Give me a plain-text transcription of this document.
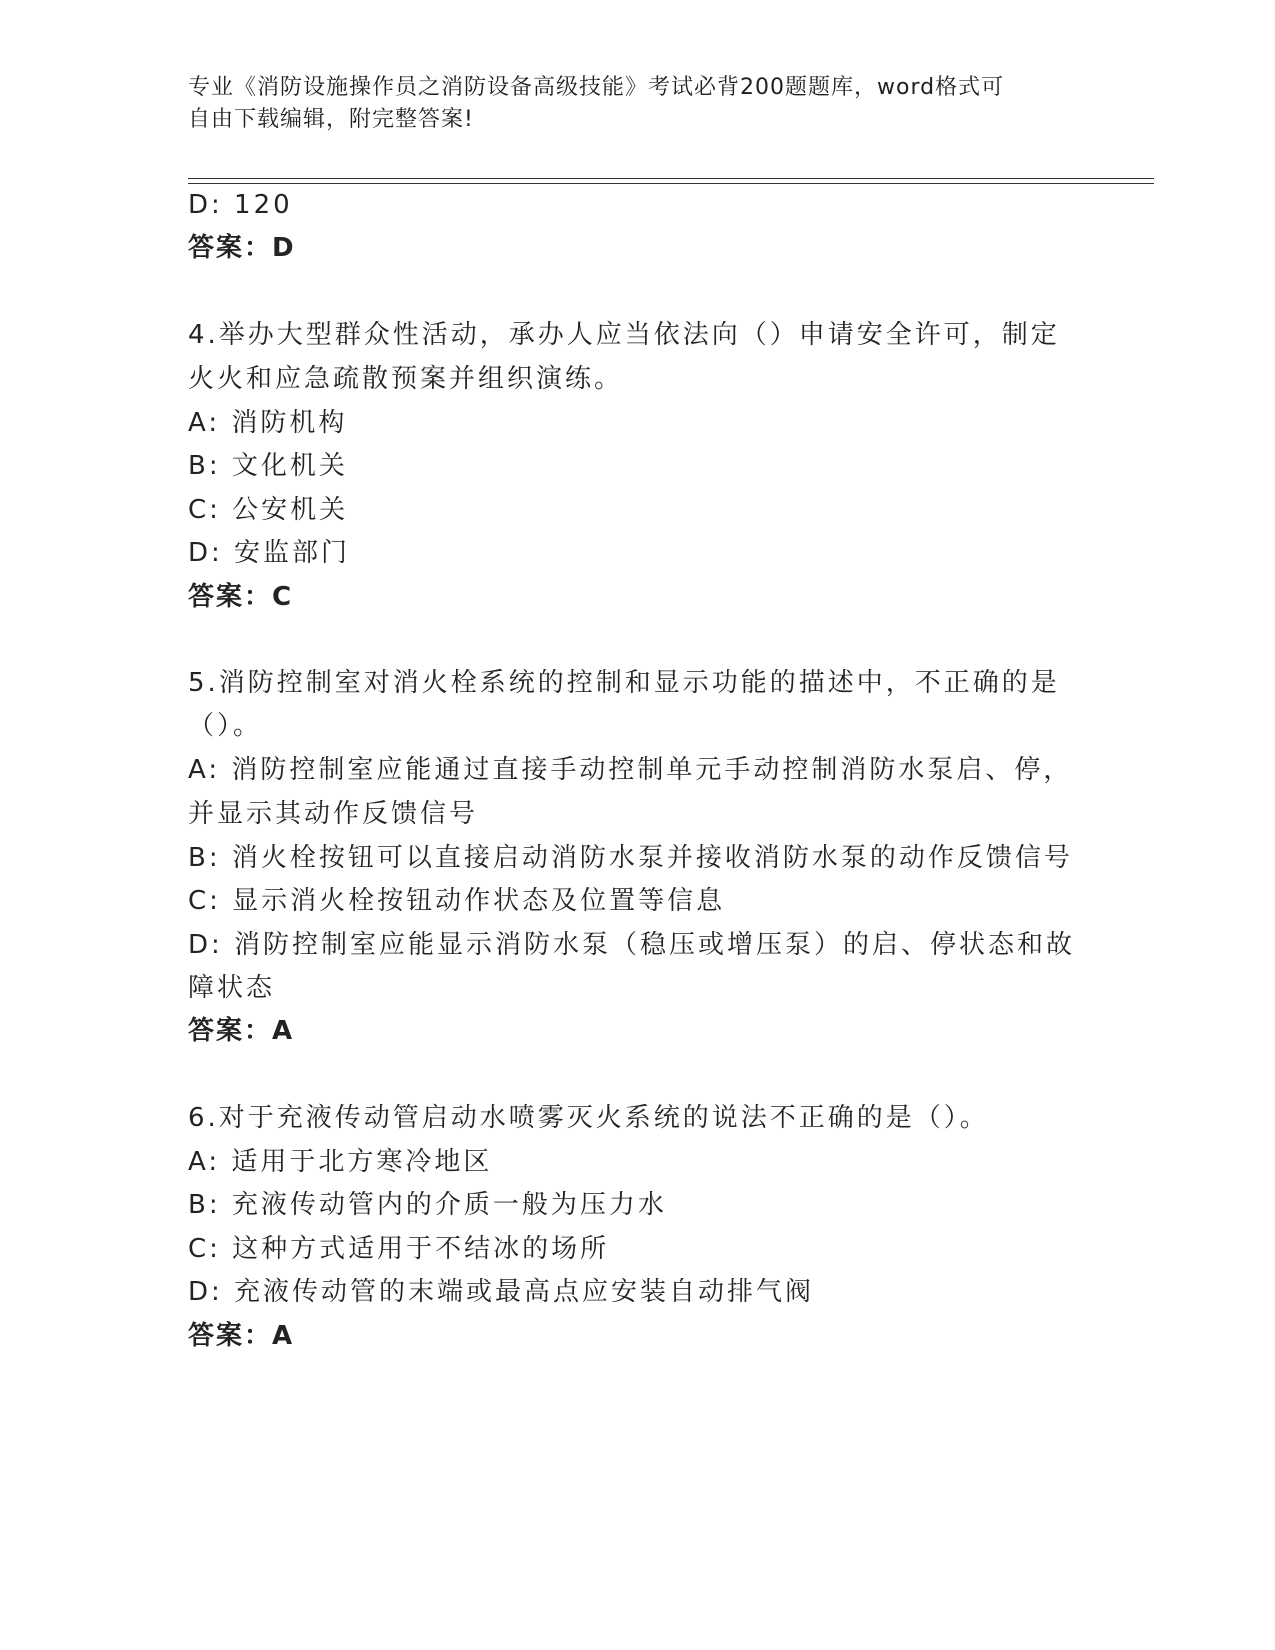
专业《消防设施操作员之消防设备高级技能》考试必背200题题库，word格式可
自由下载编辑，附完整答案!
D: 120
答案：D
4.举办大型群众性活动，承办人应当依法向（）申请安全许可，制定
火火和应急疏散预案并组织演练。
A: 消防机构
B: 文化机关
C: 公安机关
D: 安监部门
答案：C
5.消防控制室对消火栓系统的控制和显示功能的描述中，不正确的是
（）。
A: 消防控制室应能通过直接手动控制单元手动控制消防水泵启、停，
并显示其动作反馈信号
B: 消火栓按钮可以直接启动消防水泵并接收消防水泵的动作反馈信号
C: 显示消火栓按钮动作状态及位置等信息
D: 消防控制室应能显示消防水泵（稳压或增压泵）的启、停状态和故
障状态
答案：A
6.对于充液传动管启动水喷雾灭火系统的说法不正确的是（）。
A: 适用于北方寒冷地区
B: 充液传动管内的介质一般为压力水
C: 这种方式适用于不结冰的场所
D: 充液传动管的末端或最高点应安装自动排气阀
答案：A
